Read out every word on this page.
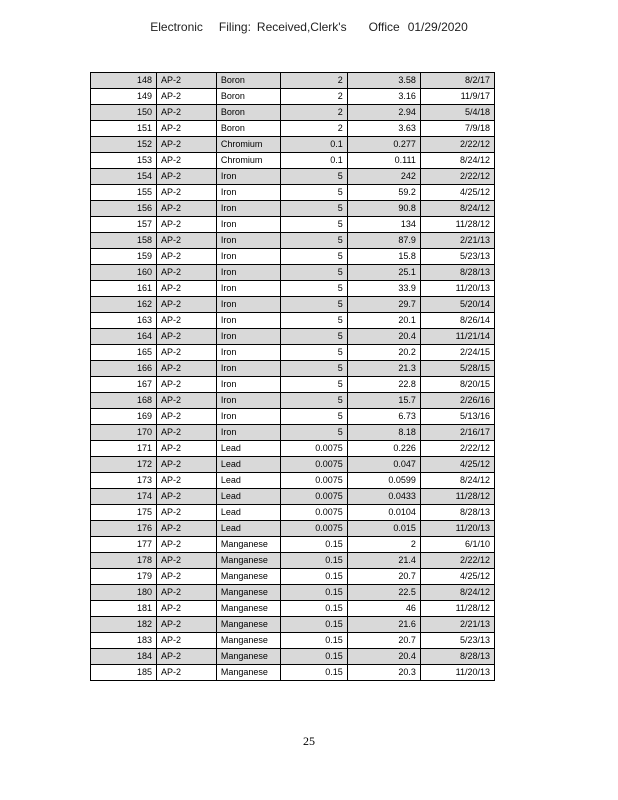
Electronic Filing: Received,Clerk's Office 01/29/2020
148	AP-2	Boron	2	3.58	8/2/17
149	AP-2	Boron	2	3.16	11/9/17
150	AP-2	Boron	2	2.94	5/4/18
151	AP-2	Boron	2	3.63	7/9/18
152	AP-2	Chromium	0.1	0.277	2/22/12
153	AP-2	Chromium	0.1	0.111	8/24/12
154	AP-2	Iron	5	242	2/22/12
155	AP-2	Iron	5	59.2	4/25/12
156	AP-2	Iron	5	90.8	8/24/12
157	AP-2	Iron	5	134	11/28/12
158	AP-2	Iron	5	87.9	2/21/13
159	AP-2	Iron	5	15.8	5/23/13
160	AP-2	Iron	5	25.1	8/28/13
161	AP-2	Iron	5	33.9	11/20/13
162	AP-2	Iron	5	29.7	5/20/14
163	AP-2	Iron	5	20.1	8/26/14
164	AP-2	Iron	5	20.4	11/21/14
165	AP-2	Iron	5	20.2	2/24/15
166	AP-2	Iron	5	21.3	5/28/15
167	AP-2	Iron	5	22.8	8/20/15
168	AP-2	Iron	5	15.7	2/26/16
169	AP-2	Iron	5	6.73	5/13/16
170	AP-2	Iron	5	8.18	2/16/17
171	AP-2	Lead	0.0075	0.226	2/22/12
172	AP-2	Lead	0.0075	0.047	4/25/12
173	AP-2	Lead	0.0075	0.0599	8/24/12
174	AP-2	Lead	0.0075	0.0433	11/28/12
175	AP-2	Lead	0.0075	0.0104	8/28/13
176	AP-2	Lead	0.0075	0.015	11/20/13
177	AP-2	Manganese	0.15	2	6/1/10
178	AP-2	Manganese	0.15	21.4	2/22/12
179	AP-2	Manganese	0.15	20.7	4/25/12
180	AP-2	Manganese	0.15	22.5	8/24/12
181	AP-2	Manganese	0.15	46	11/28/12
182	AP-2	Manganese	0.15	21.6	2/21/13
183	AP-2	Manganese	0.15	20.7	5/23/13
184	AP-2	Manganese	0.15	20.4	8/28/13
185	AP-2	Manganese	0.15	20.3	11/20/13
25
